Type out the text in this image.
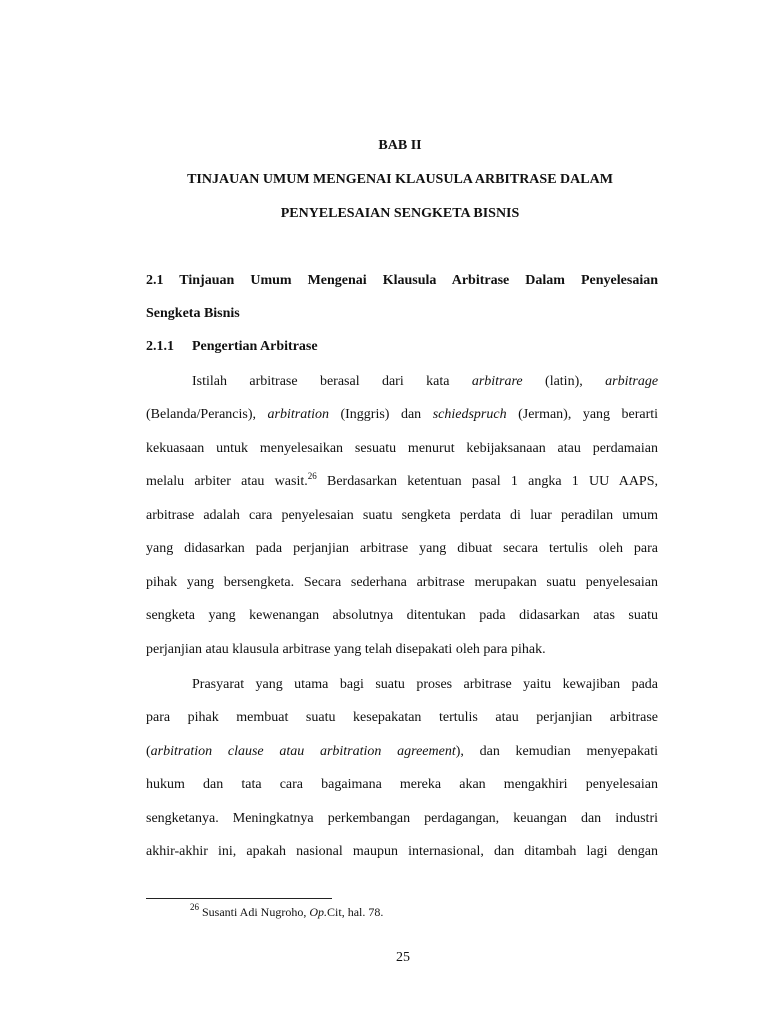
BAB II
TINJAUAN UMUM MENGENAI KLAUSULA ARBITRASE DALAM
PENYELESAIAN SENGKETA BISNIS
2.1 Tinjauan Umum Mengenai Klausula Arbitrase Dalam Penyelesaian
Sengketa Bisnis
2.1.1 Pengertian Arbitrase
Istilah arbitrase berasal dari kata arbitrare (latin), arbitrage
(Belanda/Perancis), arbitration (Inggris) dan schiedspruch (Jerman), yang berarti
kekuasaan untuk menyelesaikan sesuatu menurut kebijaksanaan atau perdamaian
melalu arbiter atau wasit.$^{26}$ Berdasarkan ketentuan pasal 1 angka 1 UU AAPS,
arbitrase adalah cara penyelesaian suatu sengketa perdata di luar peradilan umum
yang didasarkan pada perjanjian arbitrase yang dibuat secara tertulis oleh para
pihak yang bersengketa. Secara sederhana arbitrase merupakan suatu penyelesaian
sengketa yang kewenangan absolutnya ditentukan pada didasarkan atas suatu
perjanjian atau klausula arbitrase yang telah disepakati oleh para pihak.
Prasyarat yang utama bagi suatu proses arbitrase yaitu kewajiban pada
para pihak membuat suatu kesepakatan tertulis atau perjanjian arbitrase
(arbitration clause atau arbitration agreement), dan kemudian menyepakati
hukum dan tata cara bagaimana mereka akan mengakhiri penyelesaian
sengketanya. Meningkatnya perkembangan perdagangan, keuangan dan industri
akhir-akhir ini, apakah nasional maupun internasional, dan ditambah lagi dengan
$^{26}$ Susanti Adi Nugroho, Op.Cit, hal. 78.
25
